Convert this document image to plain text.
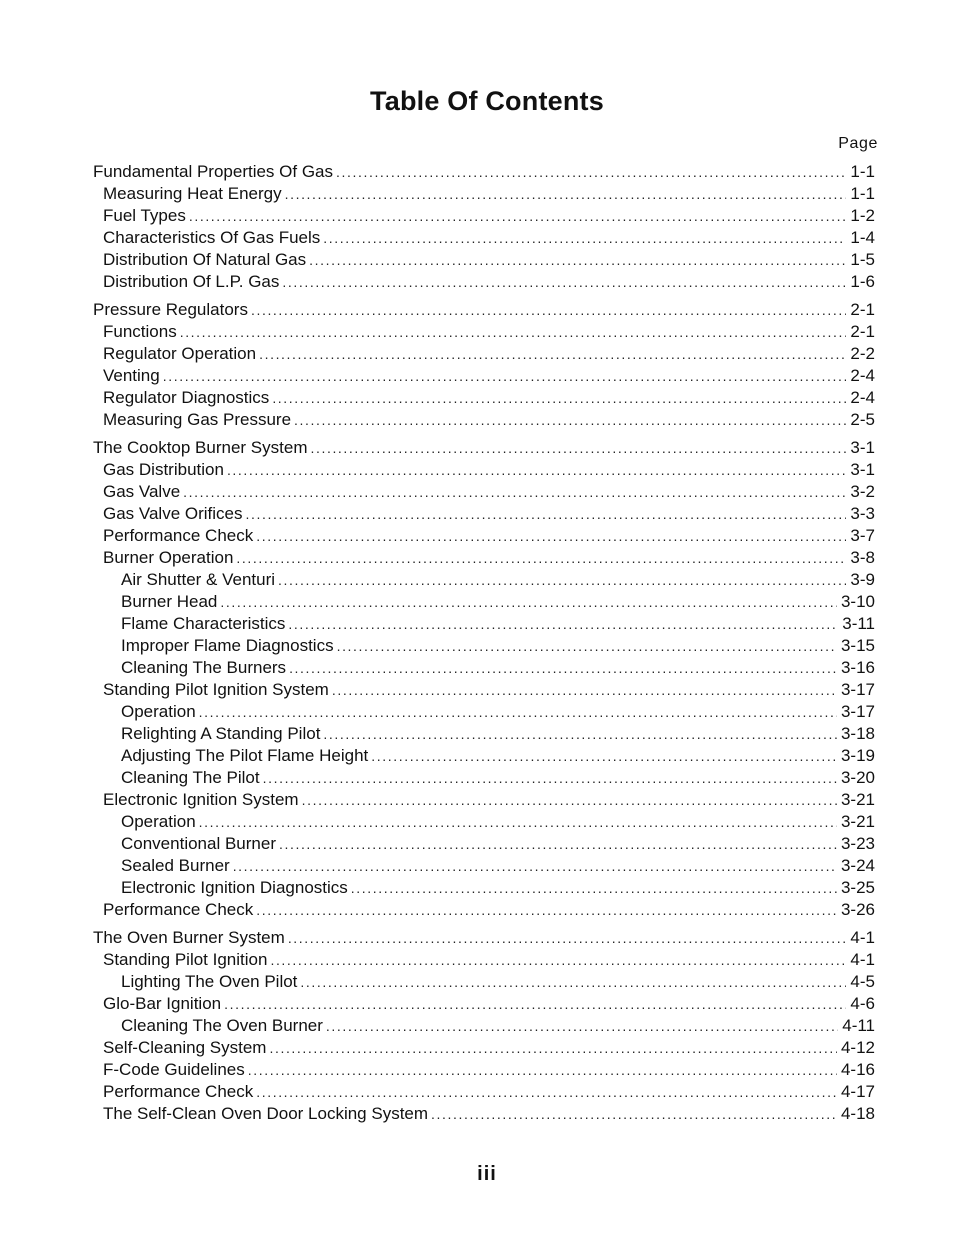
Table Of Contents
Page
Fundamental Properties Of Gas .....	1-1
Measuring Heat Energy .....	1-1
Fuel Types .....	1-2
Characteristics Of Gas Fuels .....	1-4
Distribution Of Natural Gas .....	1-5
Distribution Of L.P. Gas .....	1-6
Pressure Regulators .....	2-1
Functions .....	2-1
Regulator Operation .....	2-2
Venting .....	2-4
Regulator Diagnostics .....	2-4
Measuring Gas Pressure .....	2-5
The Cooktop Burner System .....	3-1
Gas Distribution .....	3-1
Gas Valve .....	3-2
Gas Valve Orifices .....	3-3
Performance Check .....	3-7
Burner Operation .....	3-8
Air Shutter & Venturi .....	3-9
Burner Head .....	3-10
Flame Characteristics .....	3-11
Improper Flame Diagnostics .....	3-15
Cleaning The Burners .....	3-16
Standing Pilot Ignition System .....	3-17
Operation .....	3-17
Relighting A Standing Pilot .....	3-18
Adjusting The Pilot Flame Height .....	3-19
Cleaning The Pilot .....	3-20
Electronic Ignition System .....	3-21
Operation .....	3-21
Conventional Burner .....	3-23
Sealed Burner .....	3-24
Electronic Ignition Diagnostics .....	3-25
Performance Check .....	3-26
The Oven Burner System .....	4-1
Standing Pilot Ignition .....	4-1
Lighting The Oven Pilot .....	4-5
Glo-Bar Ignition .....	4-6
Cleaning The Oven Burner .....	4-11
Self-Cleaning System .....	4-12
F-Code Guidelines .....	4-16
Performance Check .....	4-17
The Self-Clean Oven Door Locking System .....	4-18
iii
